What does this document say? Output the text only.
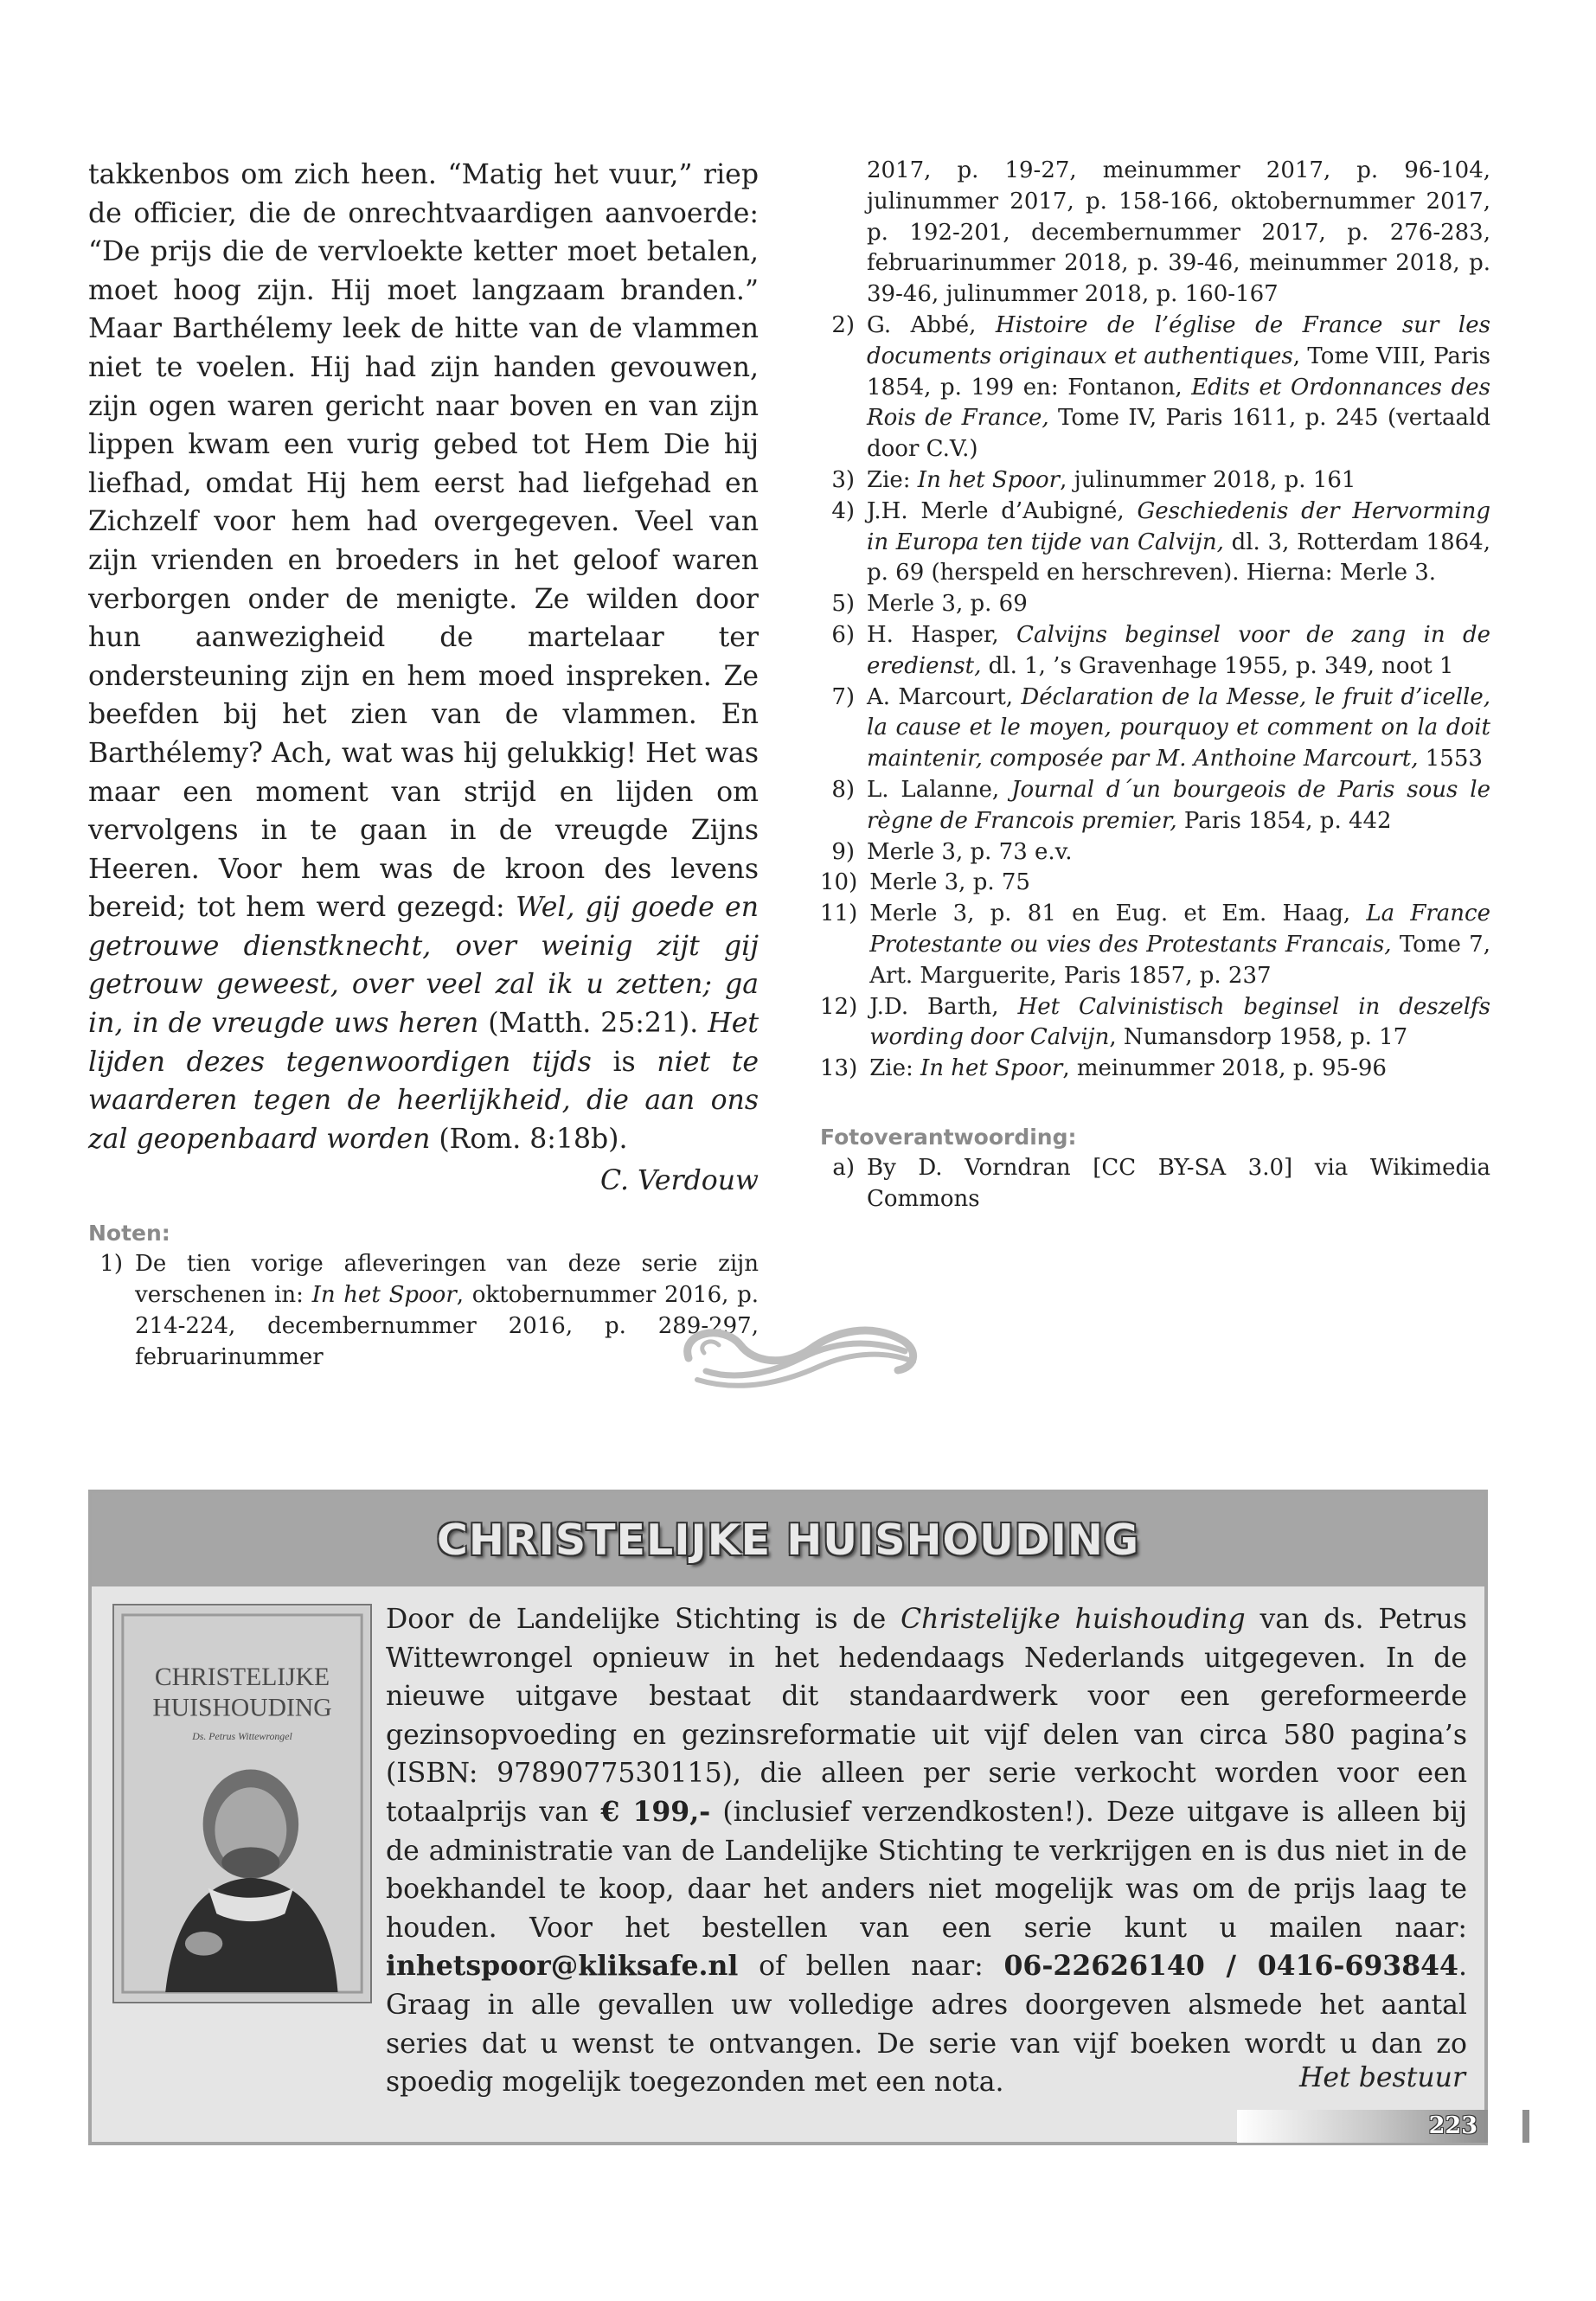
takkenbos om zich heen. “Matig het vuur,” riep de officier, die de onrechtvaardigen aanvoerde: “De prijs die de vervloekte ketter moet betalen, moet hoog zijn. Hij moet langzaam branden.” Maar Barthélemy leek de hitte van de vlammen niet te voelen. Hij had zijn handen gevouwen, zijn ogen waren gericht naar boven en van zijn lippen kwam een vurig gebed tot Hem Die hij liefhad, omdat Hij hem eerst had liefgehad en Zichzelf voor hem had overgegeven. Veel van zijn vrienden en broeders in het geloof waren verborgen onder de menigte. Ze wilden door hun aanwezigheid de martelaar ter ondersteuning zijn en hem moed inspreken. Ze beefden bij het zien van de vlammen. En Barthélemy? Ach, wat was hij gelukkig! Het was maar een moment van strijd en lijden om vervolgens in te gaan in de vreugde Zijns Heeren. Voor hem was de kroon des levens bereid; tot hem werd gezegd: Wel, gij goede en getrouwe dienstknecht, over weinig zijt gij getrouw geweest, over veel zal ik u zetten; ga in, in de vreugde uws heren (Matth. 25:21). Het lijden dezes tegenwoordigen tijds is niet te waarderen tegen de heerlijkheid, die aan ons zal geopenbaard worden (Rom. 8:18b).

C. Verdouw
Noten:
1) De tien vorige afleveringen van deze serie zijn verschenen in: In het Spoor, oktobernummer 2016, p. 214-224, decembernummer 2016, p. 289-297, februarinummer
2017, p. 19-27, meinummer 2017, p. 96-104, julinummer 2017, p. 158-166, oktobernummer 2017, p. 192-201, decembernummer 2017, p. 276-283, februarinummer 2018, p. 39-46, meinummer 2018, p. 39-46, julinummer 2018, p. 160-167
2) G. Abbé, Histoire de l’église de France sur les documents originaux et authentiques, Tome VIII, Paris 1854, p. 199 en: Fontanon, Edits et Ordonnances des Rois de France, Tome IV, Paris 1611, p. 245 (vertaald door C.V.)
3) Zie: In het Spoor, julinummer 2018, p. 161
4) J.H. Merle d’Aubigné, Geschiedenis der Hervorming in Europa ten tijde van Calvijn, dl. 3, Rotterdam 1864, p. 69 (herspeld en herschreven). Hierna: Merle 3.
5) Merle 3, p. 69
6) H. Hasper, Calvijns beginsel voor de zang in de eredienst, dl. 1, ’s Gravenhage 1955, p. 349, noot 1
7) A. Marcourt, Déclaration de la Messe, le fruit d’icelle, la cause et le moyen, pourquoy et comment on la doit maintenir, composée par M. Anthoine Marcourt, 1553
8) L. Lalanne, Journal d´un bourgeois de Paris sous le règne de Francois premier, Paris 1854, p. 442
9) Merle 3, p. 73 e.v.
10) Merle 3, p. 75
11) Merle 3, p. 81 en Eug. et Em. Haag, La France Protestante ou vies des Protestants Francais, Tome 7, Art. Marguerite, Paris 1857, p. 237
12) J.D. Barth, Het Calvinistisch beginsel in deszelfs wording door Calvijn, Numansdorp 1958, p. 17
13) Zie: In het Spoor, meinummer 2018, p. 95-96
Fotoverantwoording:
a) By D. Vorndran [CC BY-SA 3.0] via Wikimedia Commons
CHRISTELIJKE HUISHOUDING
CHRISTELIJKE
HUISHOUDING
Ds. Petrus Wittewrongel

Door de Landelijke Stichting is de Christelijke huishouding van ds. Petrus Wittewrongel opnieuw in het hedendaags Nederlands uitgegeven. In de nieuwe uitgave bestaat dit standaardwerk voor een gereformeerde gezinsopvoeding en gezinsreformatie uit vijf delen van circa 580 pagina’s (ISBN: 9789077530115), die alleen per serie verkocht worden voor een totaalprijs van € 199,- (inclusief verzendkosten!). Deze uitgave is alleen bij de administratie van de Landelijke Stichting te verkrijgen en is dus niet in de boekhandel te koop, daar het anders niet mogelijk was om de prijs laag te houden. Voor het bestellen van een serie kunt u mailen naar: inhetspoor@kliksafe.nl of bellen naar: 06-22626140 / 0416-693844. Graag in alle gevallen uw volledige adres doorgeven alsmede het aantal series dat u wenst te ontvangen. De serie van vijf boeken wordt u dan zo spoedig mogelijk toegezonden met een nota.	Het bestuur
223
